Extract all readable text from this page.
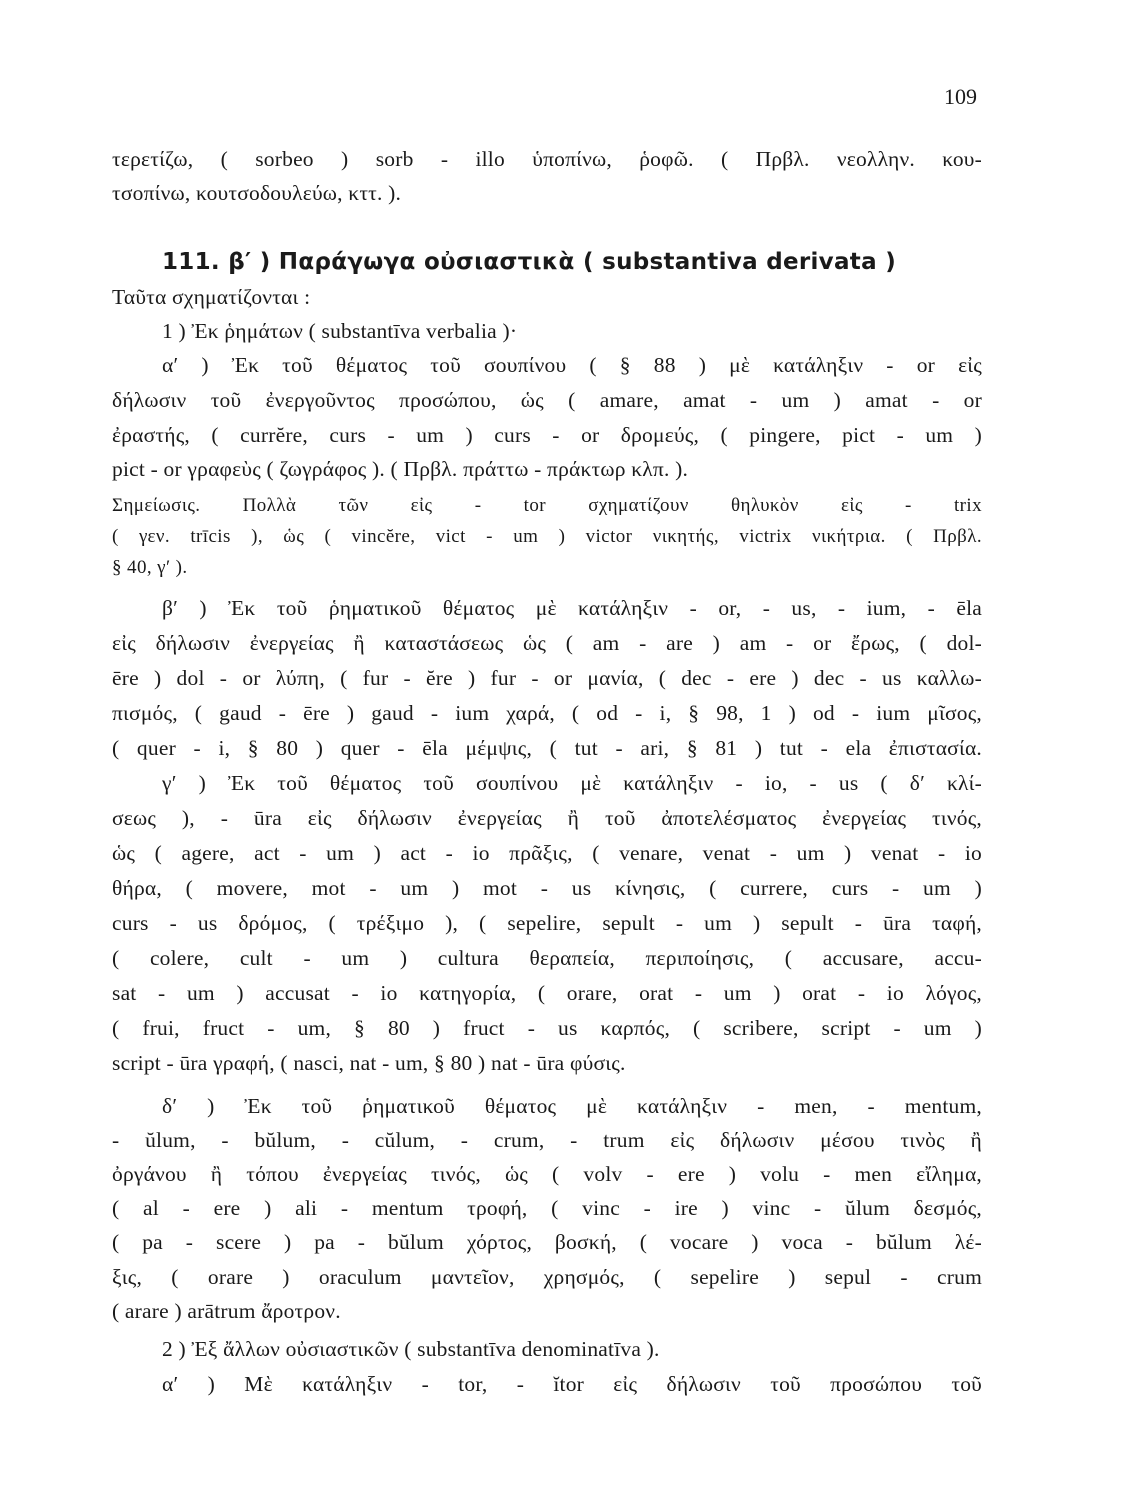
109
τερετίζω, ( sorbeo ) sorb - illo ὑποπίνω, ῥοφῶ. ( Πρβλ. νεολλην. κου-
τσοπίνω, κουτσοδουλεύω, κττ. ).
111. β′ ) Παράγωγα οὐσιαστικὰ ( substantiva derivata )
Ταῦτα σχηματίζονται :
1 ) Ἐκ ῥημάτων ( substantīva verbalia )·
α′ ) Ἐκ τοῦ θέματος τοῦ σουπίνου ( § 88 ) μὲ κατάληξιν - or εἰς
δήλωσιν τοῦ ἐνεργοῦντος προσώπου, ὡς ( amare, amat - um ) amat - or
ἐραστής, ( currĕre, curs - um ) curs - or δρομεύς, ( pingere, pict - um )
pict - or γραφεὺς ( ζωγράφος ). ( Πρβλ. πράττω - πράκτωρ κλπ. ).
Σημείωσις. Πολλὰ τῶν εἰς - tor σχηματίζουν θηλυκὸν εἰς - trix
( γεν. trīcis ), ὡς ( vincĕre, vict - um ) victor νικητής, victrix νικήτρια. ( Πρβλ.
§ 40, γ′ ).
β′ ) Ἐκ τοῦ ῥηματικοῦ θέματος μὲ κατάληξιν - or, - us, - ium, - ēla
εἰς δήλωσιν ἐνεργείας ἢ καταστάσεως ὡς ( am - are ) am - or ἔρως, ( dol-
ēre ) dol - or λύπη, ( fur - ĕre ) fur - or μανία, ( dec - ere ) dec - us καλλω-
πισμός, ( gaud - ēre ) gaud - ium χαρά, ( od - i, § 98, 1 ) od - ium μῖσος,
( quer - i, § 80 ) quer - ēla μέμψις, ( tut - ari, § 81 ) tut - ela ἐπιστασία.
γ′ ) Ἐκ τοῦ θέματος τοῦ σουπίνου μὲ κατάληξιν - io, - us ( δ′ κλί-
σεως ), - ūra εἰς δήλωσιν ἐνεργείας ἢ τοῦ ἀποτελέσματος ἐνεργείας τινός,
ὡς ( agere, act - um ) act - io πρᾶξις, ( venare, venat - um ) venat - io
θήρα, ( movere, mot - um ) mot - us κίνησις, ( currere, curs - um )
curs - us δρόμος, ( τρέξιμο ), ( sepelire, sepult - um ) sepult - ūra ταφή,
( colere, cult - um ) cultura θεραπεία, περιποίησις, ( accusare, accu-
sat - um ) accusat - io κατηγορία, ( orare, orat - um ) orat - io λόγος,
( frui, fruct - um, § 80 ) fruct - us καρπός, ( scribere, script - um )
script - ūra γραφή, ( nasci, nat - um, § 80 ) nat - ūra φύσις.
δ′ ) Ἐκ τοῦ ῥηματικοῦ θέματος μὲ κατάληξιν - men, - mentum,
- ŭlum, - bŭlum, - cŭlum, - crum, - trum εἰς δήλωσιν μέσου τινὸς ἢ
ὀργάνου ἢ τόπου ἐνεργείας τινός, ὡς ( volv - ere ) volu - men εἴλημα,
( al - ere ) ali - mentum τροφή, ( vinc - ire ) vinc - ŭlum δεσμός,
( pa - scere ) pa - bŭlum χόρτος, βοσκή, ( vocare ) voca - bŭlum λέ-
ξις, ( orare ) oraculum μαντεῖον, χρησμός, ( sepelire ) sepul - crum
( arare ) arātrum ἄροτρον.
2 ) Ἐξ ἄλλων οὐσιαστικῶν ( substantīva denominatīva ).
α′ ) Μὲ κατάληξιν - tor, - ĭtor εἰς δήλωσιν τοῦ προσώπου τοῦ
